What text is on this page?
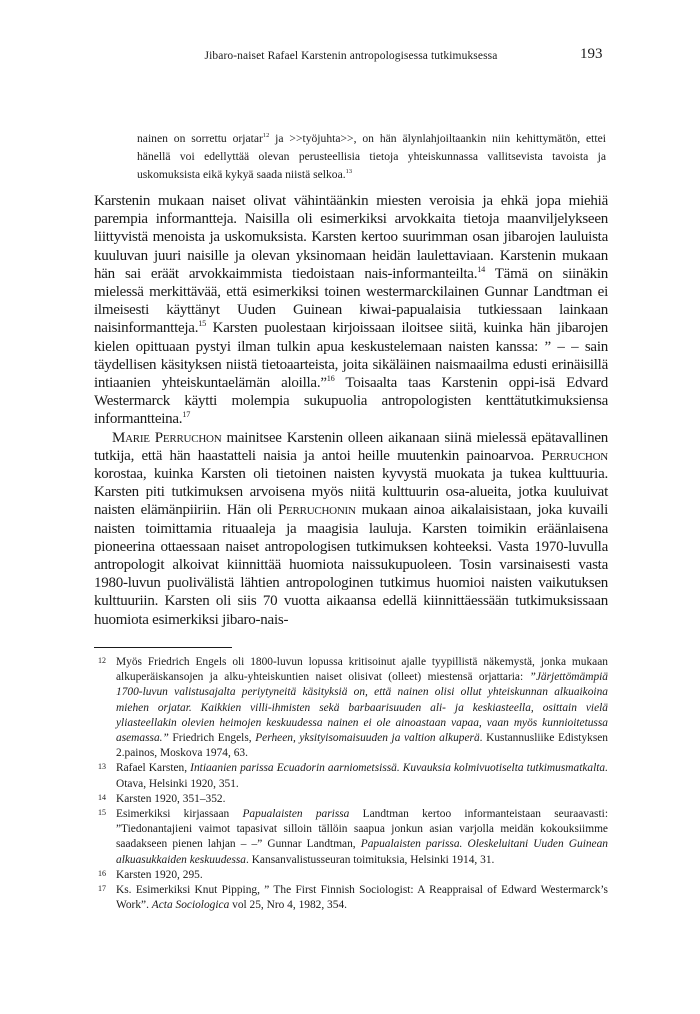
Jibaro-naiset Rafael Karstenin antropologisessa tutkimuksessa	193

nainen on sorrettu orjatar$^{12}$ ja >>työjuhta>>, on hän älynlahjoiltaankin niin kehittymätön, ettei hänellä voi edellyttää olevan perusteellisia tietoja yhteiskunnassa vallitsevista tavoista ja uskomuksista eikä kykyä saada niistä selkoa.$^{13}$

Karstenin mukaan naiset olivat vähintäänkin miesten veroisia ja ehkä jopa miehiä parempia informantteja. Naisilla oli esimerkiksi arvokkaita tietoja maanviljelykseen liittyvistä menoista ja uskomuksista. Karsten kertoo suurimman osan jibarojen lauluista kuuluvan juuri naisille ja olevan yksinomaan heidän laulettaviaan. Karstenin mukaan hän sai eräät arvokkaimmista tiedoistaan nais-informanteilta.$^{14}$ Tämä on siinäkin mielessä merkittävää, että esimerkiksi toinen westermarckilainen Gunnar Landtman ei ilmeisesti käyttänyt Uuden Guinean kiwai-papualaisia tutkiessaan lainkaan naisinformantteja.$^{15}$ Karsten puolestaan kirjoissaan iloitsee siitä, kuinka hän jibarojen kielen opittuaan pystyi ilman tulkin apua keskustelemaan naisten kanssa: ” – – sain täydellisen käsityksen niistä tietoaarteista, joita sikäläinen naismaailma edusti erinäisillä intiaanien yhteiskuntaelämän aloilla.”$^{16}$ Toisaalta taas Karstenin oppi-isä Edvard Westermarck käytti molempia sukupuolia antropologisten kenttätutkimuksiensa informantteina.$^{17}$

Marie Perruchon mainitsee Karstenin olleen aikanaan siinä mielessä epätavallinen tutkija, että hän haastatteli naisia ja antoi heille muutenkin painoarvoa. Perruchon korostaa, kuinka Karsten oli tietoinen naisten kyvystä muokata ja tukea kulttuuria. Karsten piti tutkimuksen arvoisena myös niitä kulttuurin osa-alueita, jotka kuuluivat naisten elämänpiiriin. Hän oli Perruchonin mukaan ainoa aikalaisistaan, joka kuvaili naisten toimittamia rituaaleja ja maagisia lauluja. Karsten toimikin eräänlaisena pioneerina ottaessaan naiset antropologisen tutkimuksen kohteeksi. Vasta 1970-luvulla antropologit alkoivat kiinnittää huomiota naissukupuoleen. Tosin varsinaisesti vasta 1980-luvun puolivälistä lähtien antropologinen tutkimus huomioi naisten vaikutuksen kulttuuriin. Karsten oli siis 70 vuotta aikaansa edellä kiinnittäessään tutkimuksissaan huomiota esimerkiksi jibaro-nais-

12 Myös Friedrich Engels oli 1800-luvun lopussa kritisoinut ajalle tyypillistä näkemystä, jonka mukaan alkuperäiskansojen ja alku-yhteiskuntien naiset olisivat (olleet) miestensä orjattaria: ”Järjettömämpiä 1700-luvun valistusajalta periytyneitä käsityksiä on, että nainen olisi ollut yhteiskunnan alkuaikoina miehen orjatar. Kaikkien villi-ihmisten sekä barbaarisuuden ali- ja keskiasteella, osittain vielä yliasteellakin olevien heimojen keskuudessa nainen ei ole ainoastaan vapaa, vaan myös kunnioitetussa asemassa.” Friedrich Engels, Perheen, yksityisomaisuuden ja valtion alkuperä. Kustannusliike Edistyksen 2.painos, Moskova 1974, 63.
13 Rafael Karsten, Intiaanien parissa Ecuadorin aarniometsissä. Kuvauksia kolmivuotiselta tutkimusmatkalta. Otava, Helsinki 1920, 351.
14 Karsten 1920, 351–352.
15 Esimerkiksi kirjassaan Papualaisten parissa Landtman kertoo informanteistaan seuraavasti: ”Tiedonantajieni vaimot tapasivat silloin tällöin saapua jonkun asian varjolla meidän kokouksiimme saadakseen pienen lahjan – –” Gunnar Landtman, Papualaisten parissa. Oleskeluitani Uuden Guinean alkuasukkaiden keskuudessa. Kansanvalistusseuran toimituksia, Helsinki 1914, 31.
16 Karsten 1920, 295.
17 Ks. Esimerkiksi Knut Pipping, ” The First Finnish Sociologist: A Reappraisal of Edward Westermarck’s Work”. Acta Sociologica vol 25, Nro 4, 1982, 354.
